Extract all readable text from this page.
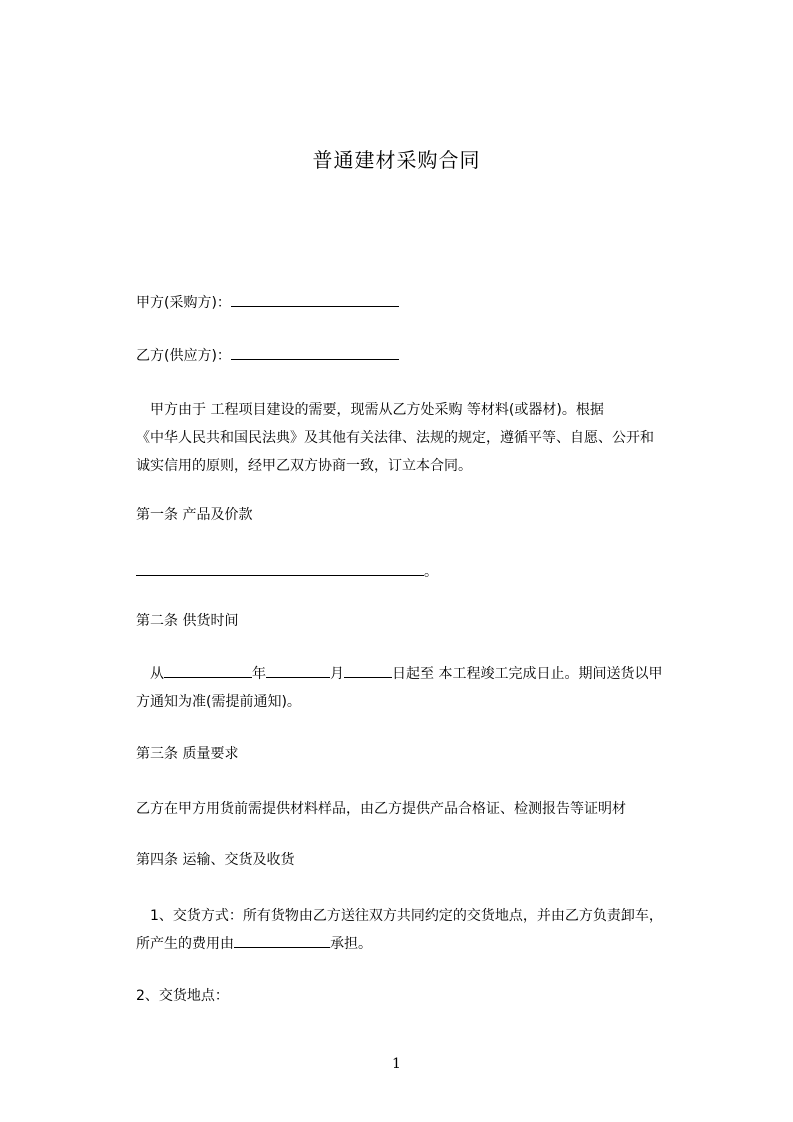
普通建材采购合同
甲方(采购方)：
乙方(供应方)：
　甲方由于 工程项目建设的需要，现需从乙方处采购 等材料(或器材)。根据
《中华人民共和国民法典》及其他有关法律、法规的规定，遵循平等、自愿、公开和
诚实信用的原则，经甲乙双方协商一致，订立本合同。
第一条 产品及价款
。
第二条 供货时间
　从	年	月	日起至 本工程竣工完成日止。期间送货以甲
方通知为准(需提前通知)。
第三条 质量要求
乙方在甲方用货前需提供材料样品，由乙方提供产品合格证、检测报告等证明材
第四条 运输、交货及收货
　1、交货方式：所有货物由乙方送往双方共同约定的交货地点，并由乙方负责卸车，
所产生的费用由	承担。
2、交货地点：
1
